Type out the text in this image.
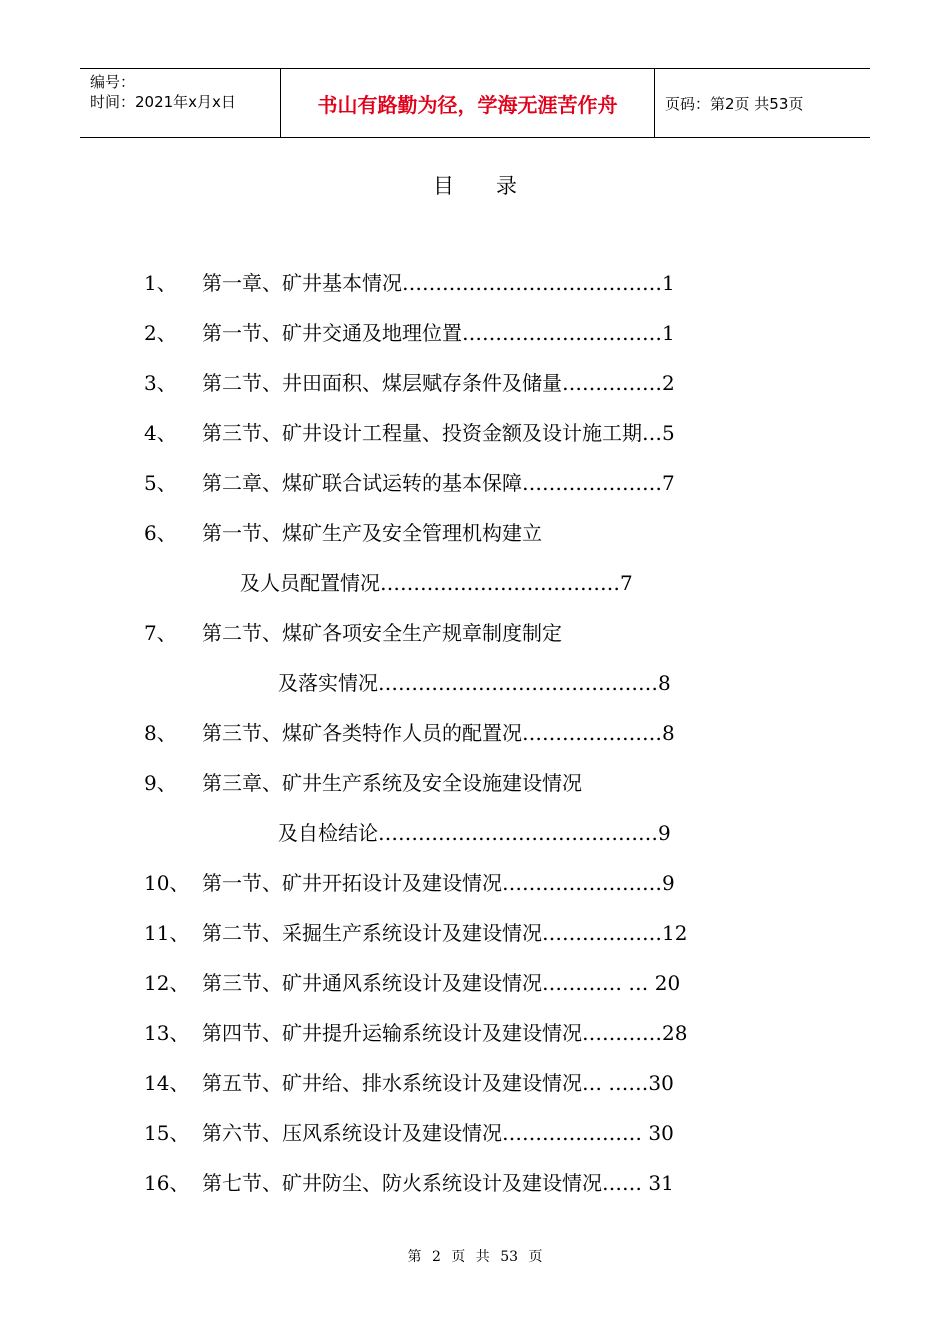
编号：
时间：2021年x月x日	书山有路勤为径，学海无涯苦作舟	页码：第2页 共53页
目录
1、 第一章、矿井基本情况…………………………………1
2、 第一节、矿井交通及地理位置…………………………1
3、 第二节、井田面积、煤层赋存条件及储量……………2
4、 第三节、矿井设计工程量、投资金额及设计施工期…5
5、 第二章、煤矿联合试运转的基本保障…………………7
6、 第一节、煤矿生产及安全管理机构建立
及人员配置情况………………………………7
7、 第二节、煤矿各项安全生产规章制度制定
及落实情况……………………………………8
8、 第三节、煤矿各类特作人员的配置况…………………8
9、 第三章、矿井生产系统及安全设施建设情况
及自检结论……………………………………9
10、 第一节、矿井开拓设计及建设情况……………………9
11、 第二节、采掘生产系统设计及建设情况………………12
12、 第三节、矿井通风系统设计及建设情况………… … 20
13、 第四节、矿井提升运输系统设计及建设情况…………28
14、 第五节、矿井给、排水系统设计及建设情况… ……30
15、 第六节、压风系统设计及建设情况………………… 30
16、 第七节、矿井防尘、防火系统设计及建设情况…… 31
第 2 页 共 53 页
